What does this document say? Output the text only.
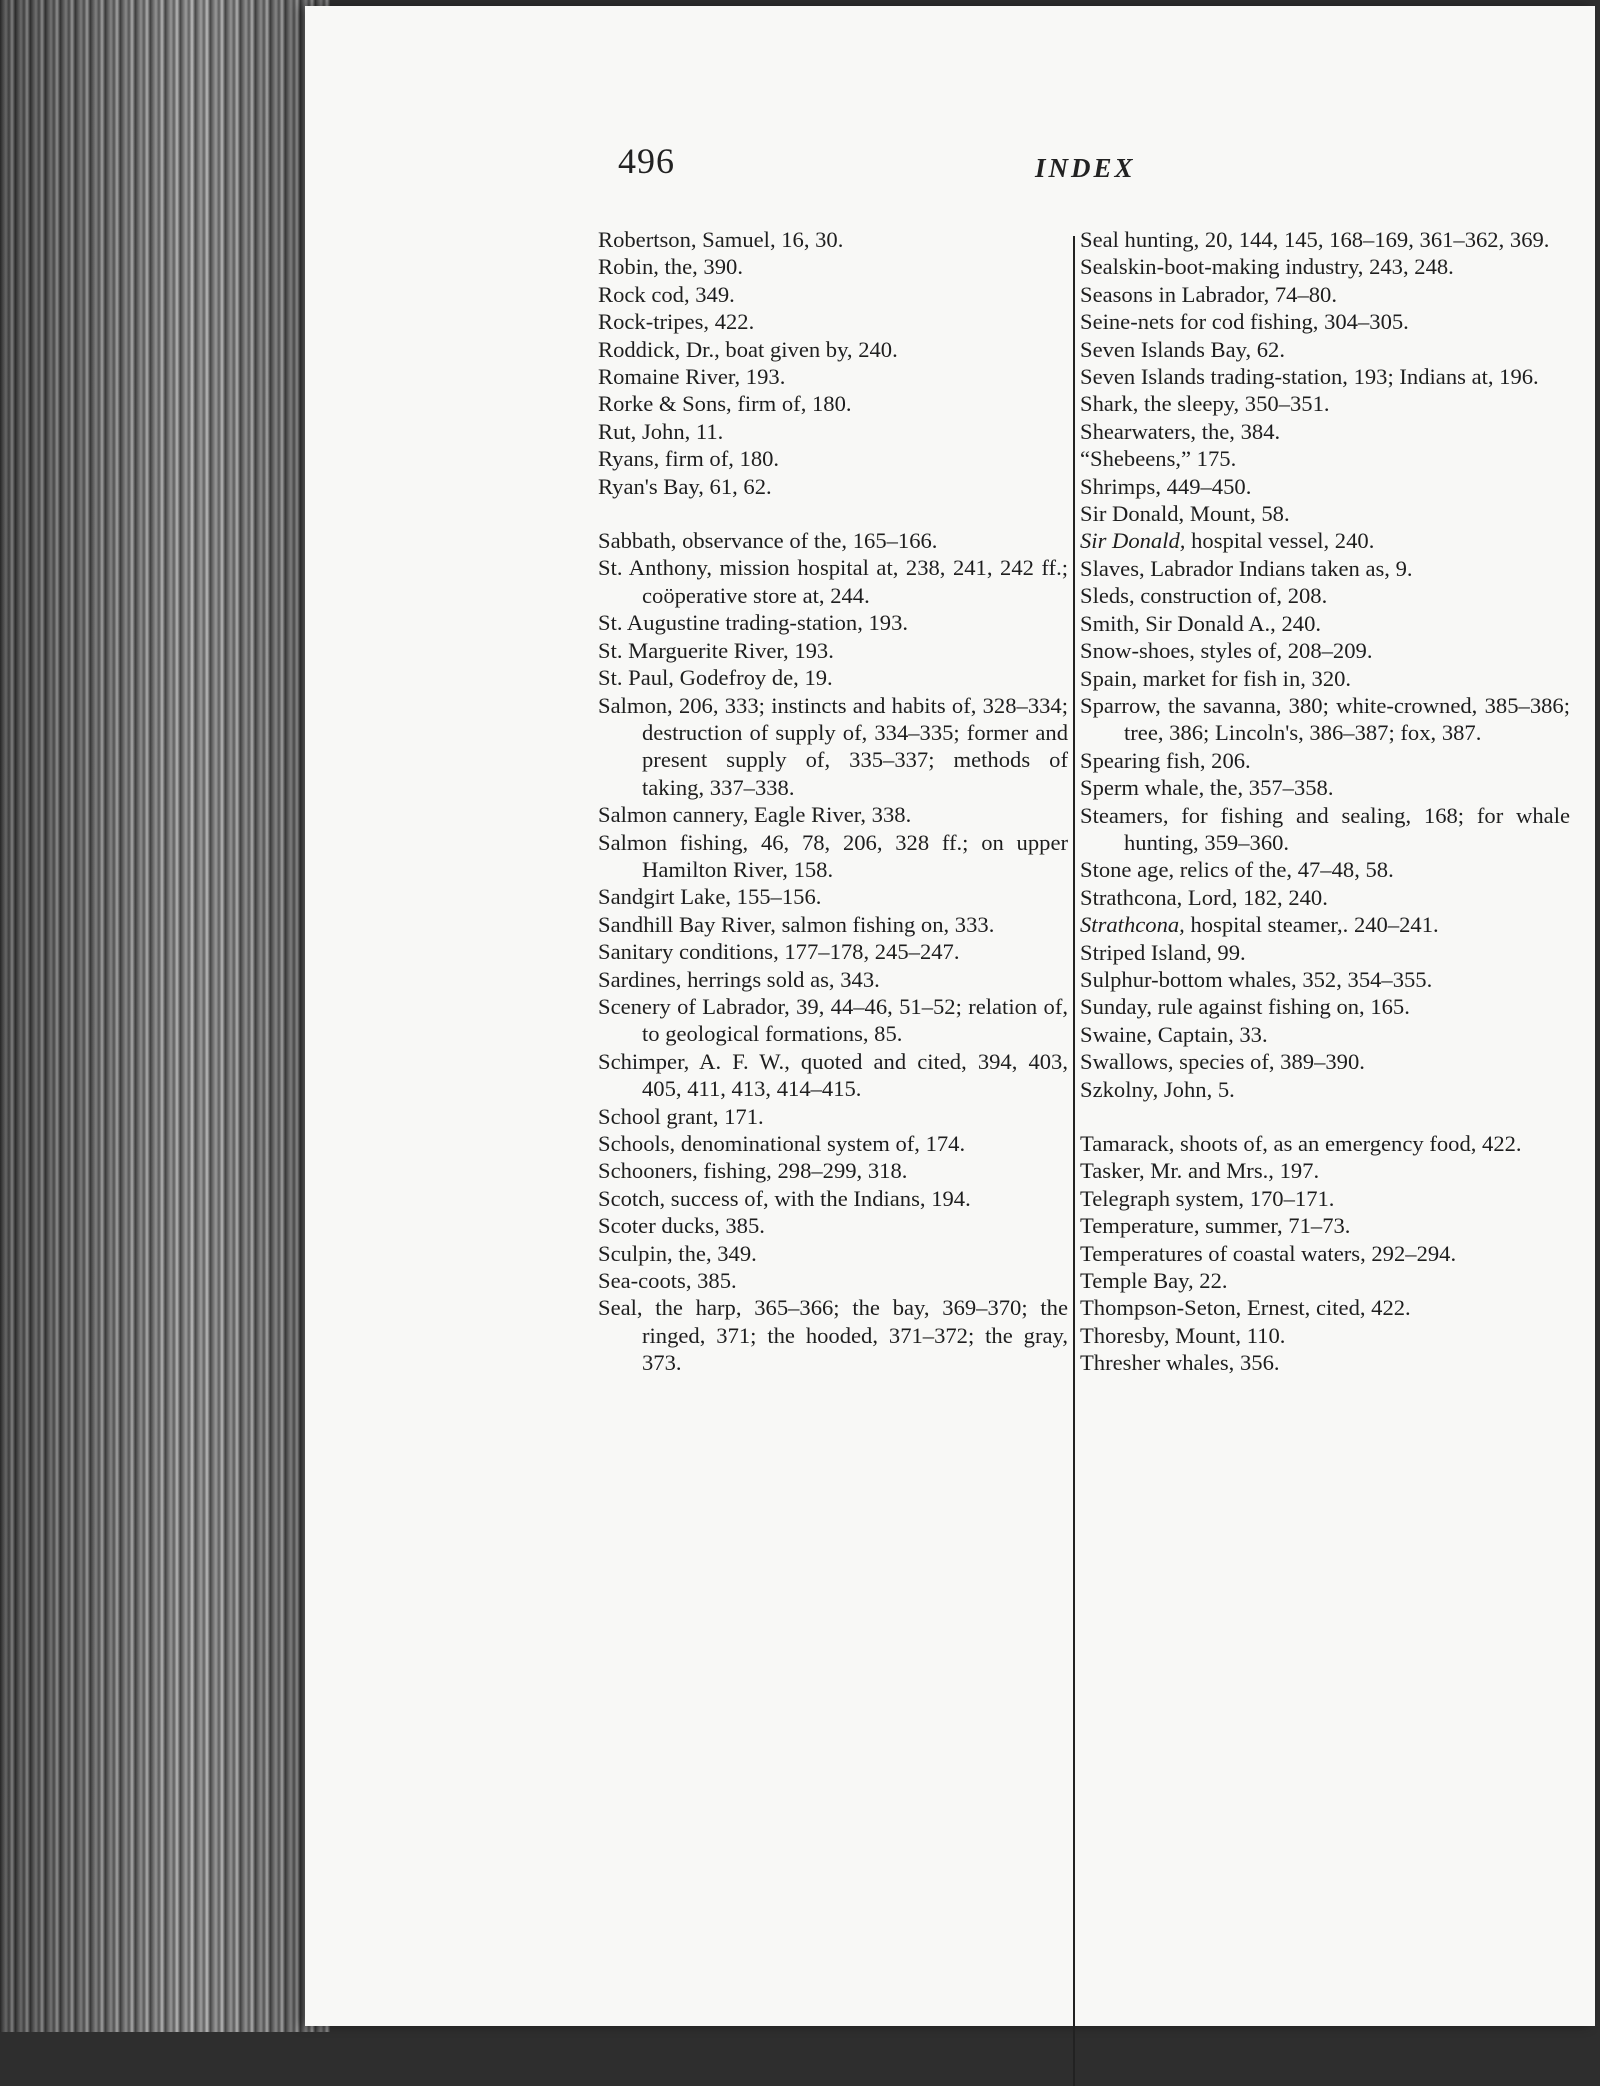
496	INDEX
Robertson, Samuel, 16, 30.
Robin, the, 390.
Rock cod, 349.
Rock-tripes, 422.
Roddick, Dr., boat given by, 240.
Romaine River, 193.
Rorke & Sons, firm of, 180.
Rut, John, 11.
Ryans, firm of, 180.
Ryan's Bay, 61, 62.
Sabbath, observance of the, 165–166.
St. Anthony, mission hospital at, 238, 241, 242 ff.; coöperative store at, 244.
St. Augustine trading-station, 193.
St. Marguerite River, 193.
St. Paul, Godefroy de, 19.
Salmon, 206, 333; instincts and habits of, 328–334; destruction of supply of, 334–335; former and present supply of, 335–337; methods of taking, 337–338.
Salmon cannery, Eagle River, 338.
Salmon fishing, 46, 78, 206, 328 ff.; on upper Hamilton River, 158.
Sandgirt Lake, 155–156.
Sandhill Bay River, salmon fishing on, 333.
Sanitary conditions, 177–178, 245–247.
Sardines, herrings sold as, 343.
Scenery of Labrador, 39, 44–46, 51–52; relation of, to geological formations, 85.
Schimper, A. F. W., quoted and cited, 394, 403, 405, 411, 413, 414–415.
School grant, 171.
Schools, denominational system of, 174.
Schooners, fishing, 298–299, 318.
Scotch, success of, with the Indians, 194.
Scoter ducks, 385.
Sculpin, the, 349.
Sea-coots, 385.
Seal, the harp, 365–366; the bay, 369–370; the ringed, 371; the hooded, 371–372; the gray, 373.
Seal hunting, 20, 144, 145, 168–169, 361–362, 369.
Sealskin-boot-making industry, 243, 248.
Seasons in Labrador, 74–80.
Seine-nets for cod fishing, 304–305.
Seven Islands Bay, 62.
Seven Islands trading-station, 193; Indians at, 196.
Shark, the sleepy, 350–351.
Shearwaters, the, 384.
“Shebeens,” 175.
Shrimps, 449–450.
Sir Donald, Mount, 58.
Sir Donald, hospital vessel, 240.
Slaves, Labrador Indians taken as, 9.
Sleds, construction of, 208.
Smith, Sir Donald A., 240.
Snow-shoes, styles of, 208–209.
Spain, market for fish in, 320.
Sparrow, the savanna, 380; white-crowned, 385–386; tree, 386; Lincoln's, 386–387; fox, 387.
Spearing fish, 206.
Sperm whale, the, 357–358.
Steamers, for fishing and sealing, 168; for whale hunting, 359–360.
Stone age, relics of the, 47–48, 58.
Strathcona, Lord, 182, 240.
Strathcona, hospital steamer,. 240–241.
Striped Island, 99.
Sulphur-bottom whales, 352, 354–355.
Sunday, rule against fishing on, 165.
Swaine, Captain, 33.
Swallows, species of, 389–390.
Szkolny, John, 5.
Tamarack, shoots of, as an emergency food, 422.
Tasker, Mr. and Mrs., 197.
Telegraph system, 170–171.
Temperature, summer, 71–73.
Temperatures of coastal waters, 292–294.
Temple Bay, 22.
Thompson-Seton, Ernest, cited, 422.
Thoresby, Mount, 110.
Thresher whales, 356.
